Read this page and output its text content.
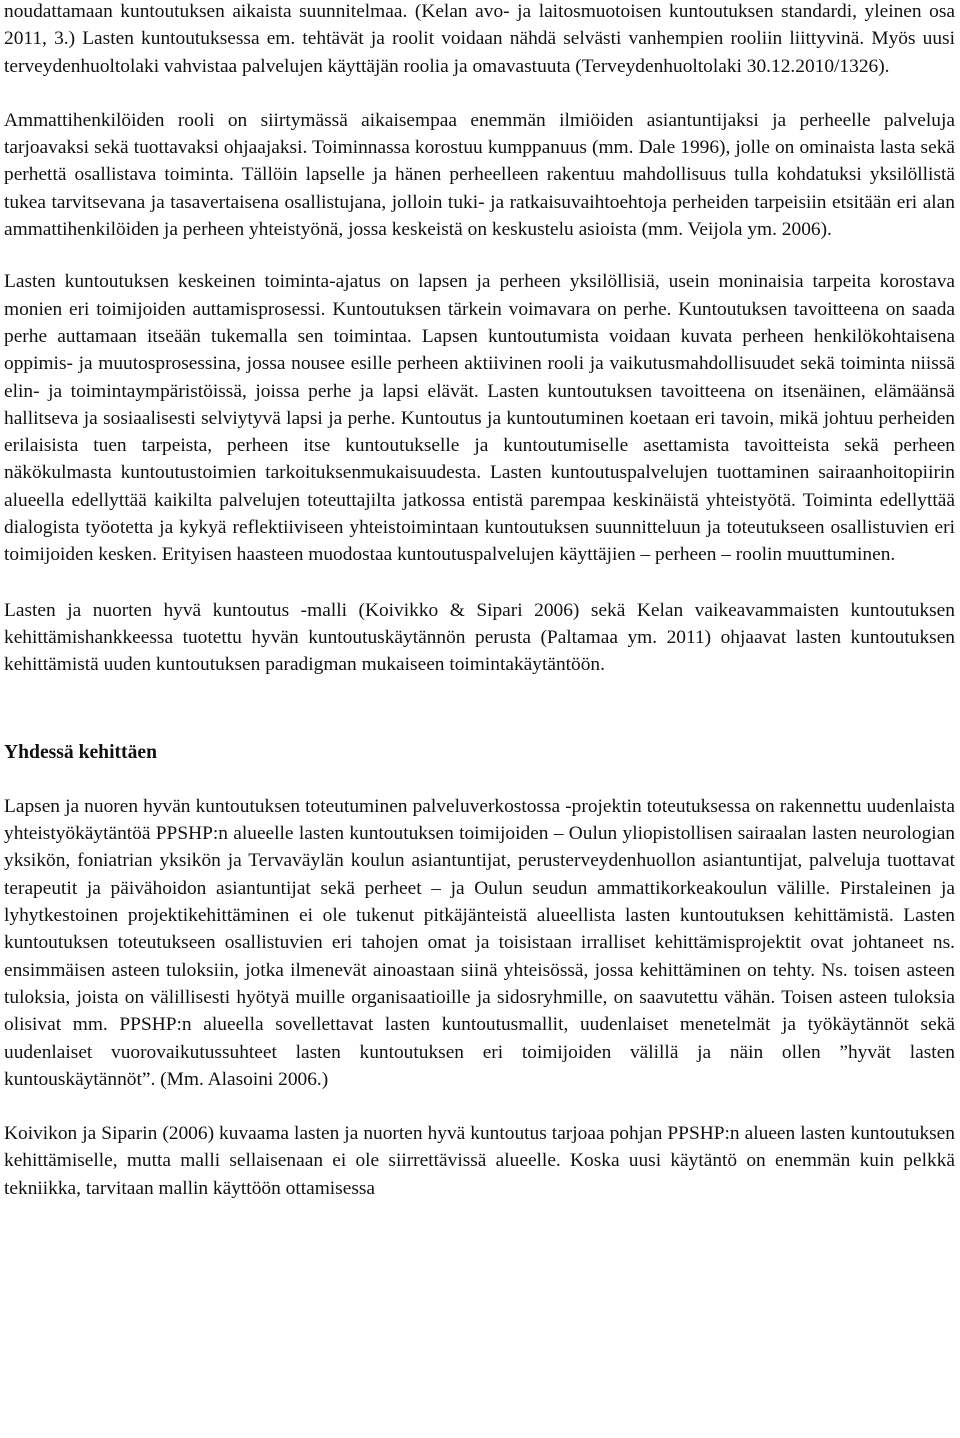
noudattamaan kuntoutuksen aikaista suunnitelmaa. (Kelan avo- ja laitosmuotoisen kuntoutuksen standardi, yleinen osa 2011, 3.) Lasten kuntoutuksessa em. tehtävät ja roolit voidaan nähdä selvästi vanhempien rooliin liittyvinä. Myös uusi terveydenhuoltolaki vahvistaa palvelujen käyttäjän roolia ja omavastuuta (Terveydenhuoltolaki 30.12.2010/1326).

Ammattihenkilöiden rooli on siirtymässä aikaisempaa enemmän ilmiöiden asiantuntijaksi ja perheelle palveluja tarjoavaksi sekä tuottavaksi ohjaajaksi. Toiminnassa korostuu kumppanuus (mm. Dale 1996), jolle on ominaista lasta sekä perhettä osallistava toiminta. Tällöin lapselle ja hänen perheelleen rakentuu mahdollisuus tulla kohdatuksi yksilöllistä tukea tarvitsevana ja tasavertaisena osallistujana, jolloin tuki- ja ratkaisuvaihtoehtoja perheiden tarpeisiin etsitään eri alan ammattihenkilöiden ja perheen yhteistyönä, jossa keskeistä on keskustelu asioista (mm. Veijola ym. 2006).

Lasten kuntoutuksen keskeinen toiminta-ajatus on lapsen ja perheen yksilöllisiä, usein moninaisia tarpeita korostava monien eri toimijoiden auttamisprosessi. Kuntoutuksen tärkein voimavara on perhe. Kuntoutuksen tavoitteena on saada perhe auttamaan itseään tukemalla sen toimintaa. Lapsen kuntoutumista voidaan kuvata perheen henkilökohtaisena oppimis- ja muutosprosessina, jossa nousee esille perheen aktiivinen rooli ja vaikutusmahdollisuudet sekä toiminta niissä elin- ja toimintaympäristöissä, joissa perhe ja lapsi elävät. Lasten kuntoutuksen tavoitteena on itsenäinen, elämäänsä hallitseva ja sosiaalisesti selviytyvä lapsi ja perhe. Kuntoutus ja kuntoutuminen koetaan eri tavoin, mikä johtuu perheiden erilaisista tuen tarpeista, perheen itse kuntoutukselle ja kuntoutumiselle asettamista tavoitteista sekä perheen näkökulmasta kuntoutustoimien tarkoituksenmukaisuudesta. Lasten kuntoutuspalvelujen tuottaminen sairaanhoitopiirin alueella edellyttää kaikilta palvelujen toteuttajilta jatkossa entistä parempaa keskinäistä yhteistyötä. Toiminta edellyttää dialogista työotetta ja kykyä reflektiiviseen yhteistoimintaan kuntoutuksen suunnitteluun ja toteutukseen osallistuvien eri toimijoiden kesken. Erityisen haasteen muodostaa kuntoutuspalvelujen käyttäjien – perheen – roolin muuttuminen.

Lasten ja nuorten hyvä kuntoutus -malli (Koivikko & Sipari 2006) sekä Kelan vaikeavammaisten kuntoutuksen kehittämishankkeessa tuotettu hyvän kuntoutuskäytännön perusta (Paltamaa ym. 2011) ohjaavat lasten kuntoutuksen kehittämistä uuden kuntoutuksen paradigman mukaiseen toimintakäytäntöön.

Yhdessä kehittäen

Lapsen ja nuoren hyvän kuntoutuksen toteutuminen palveluverkostossa -projektin toteutuksessa on rakennettu uudenlaista yhteistyökäytäntöä PPSHP:n alueelle lasten kuntoutuksen toimijoiden – Oulun yliopistollisen sairaalan lasten neurologian yksikön, foniatrian yksikön ja Tervaväylän koulun asiantuntijat, perusterveydenhuollon asiantuntijat, palveluja tuottavat terapeutit ja päivähoidon asiantuntijat sekä perheet – ja Oulun seudun ammattikorkeakoulun välille. Pirstaleinen ja lyhytkestoinen projektikehittäminen ei ole tukenut pitkäjänteistä alueellista lasten kuntoutuksen kehittämistä. Lasten kuntoutuksen toteutukseen osallistuvien eri tahojen omat ja toisistaan irralliset kehittämisprojektit ovat johtaneet ns. ensimmäisen asteen tuloksiin, jotka ilmenevät ainoastaan siinä yhteisössä, jossa kehittäminen on tehty. Ns. toisen asteen tuloksia, joista on välillisesti hyötyä muille organisaatioille ja sidosryhmille, on saavutettu vähän. Toisen asteen tuloksia olisivat mm. PPSHP:n alueella sovellettavat lasten kuntoutusmallit, uudenlaiset menetelmät ja työkäytännöt sekä uudenlaiset vuorovaikutussuhteet lasten kuntoutuksen eri toimijoiden välillä ja näin ollen ”hyvät lasten kuntouskäytännöt”. (Mm. Alasoini 2006.)

Koivikon ja Siparin (2006) kuvaama lasten ja nuorten hyvä kuntoutus tarjoaa pohjan PPSHP:n alueen lasten kuntoutuksen kehittämiselle, mutta malli sellaisenaan ei ole siirrettävissä alueelle. Koska uusi käytäntö on enemmän kuin pelkkä tekniikka, tarvitaan mallin käyttöön ottamisessa
